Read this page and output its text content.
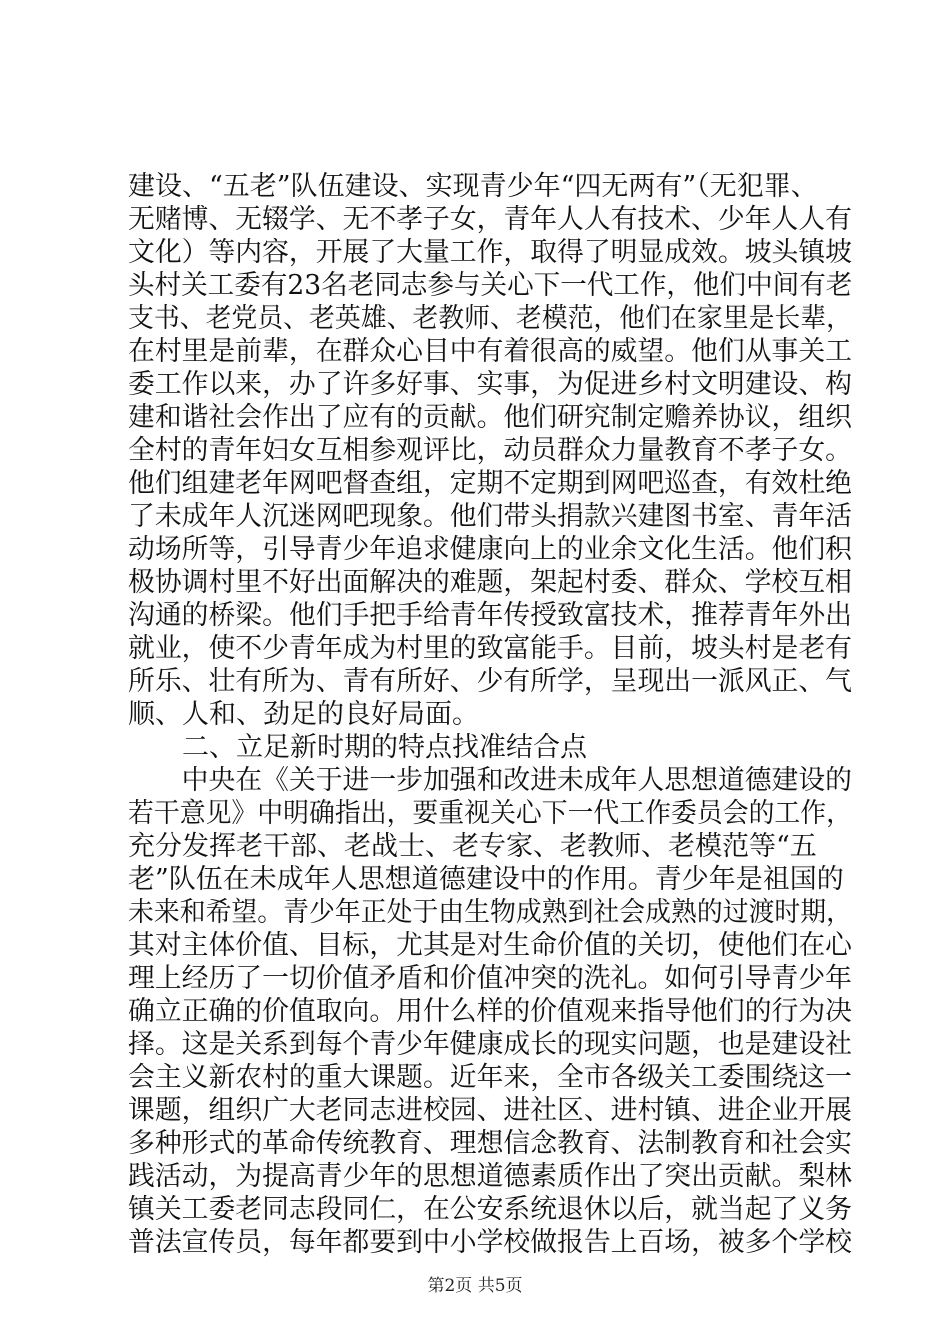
建设、“五老”队伍建设、实现青少年“四无两有”（无犯罪、
无赌博、无辍学、无不孝子女，青年人人有技术、少年人人有
文化）等内容，开展了大量工作，取得了明显成效。坡头镇坡
头村关工委有23名老同志参与关心下一代工作，他们中间有老
支书、老党员、老英雄、老教师、老模范，他们在家里是长辈，
在村里是前辈，在群众心目中有着很高的威望。他们从事关工
委工作以来，办了许多好事、实事，为促进乡村文明建设、构
建和谐社会作出了应有的贡献。他们研究制定赡养协议，组织
全村的青年妇女互相参观评比，动员群众力量教育不孝子女。
他们组建老年网吧督查组，定期不定期到网吧巡查，有效杜绝
了未成年人沉迷网吧现象。他们带头捐款兴建图书室、青年活
动场所等，引导青少年追求健康向上的业余文化生活。他们积
极协调村里不好出面解决的难题，架起村委、群众、学校互相
沟通的桥梁。他们手把手给青年传授致富技术，推荐青年外出
就业，使不少青年成为村里的致富能手。目前，坡头村是老有
所乐、壮有所为、青有所好、少有所学，呈现出一派风正、气
顺、人和、劲足的良好局面。
　　二、立足新时期的特点找准结合点
　　中央在《关于进一步加强和改进未成年人思想道德建设的
若干意见》中明确指出，要重视关心下一代工作委员会的工作，
充分发挥老干部、老战士、老专家、老教师、老模范等“五
老”队伍在未成年人思想道德建设中的作用。青少年是祖国的
未来和希望。青少年正处于由生物成熟到社会成熟的过渡时期，
其对主体价值、目标，尤其是对生命价值的关切，使他们在心
理上经历了一切价值矛盾和价值冲突的洗礼。如何引导青少年
确立正确的价值取向。用什么样的价值观来指导他们的行为决
择。这是关系到每个青少年健康成长的现实问题，也是建设社
会主义新农村的重大课题。近年来，全市各级关工委围绕这一
课题，组织广大老同志进校园、进社区、进村镇、进企业开展
多种形式的革命传统教育、理想信念教育、法制教育和社会实
践活动，为提高青少年的思想道德素质作出了突出贡献。梨林
镇关工委老同志段同仁，在公安系统退休以后，就当起了义务
普法宣传员，每年都要到中小学校做报告上百场，被多个学校
第2页 共5页
